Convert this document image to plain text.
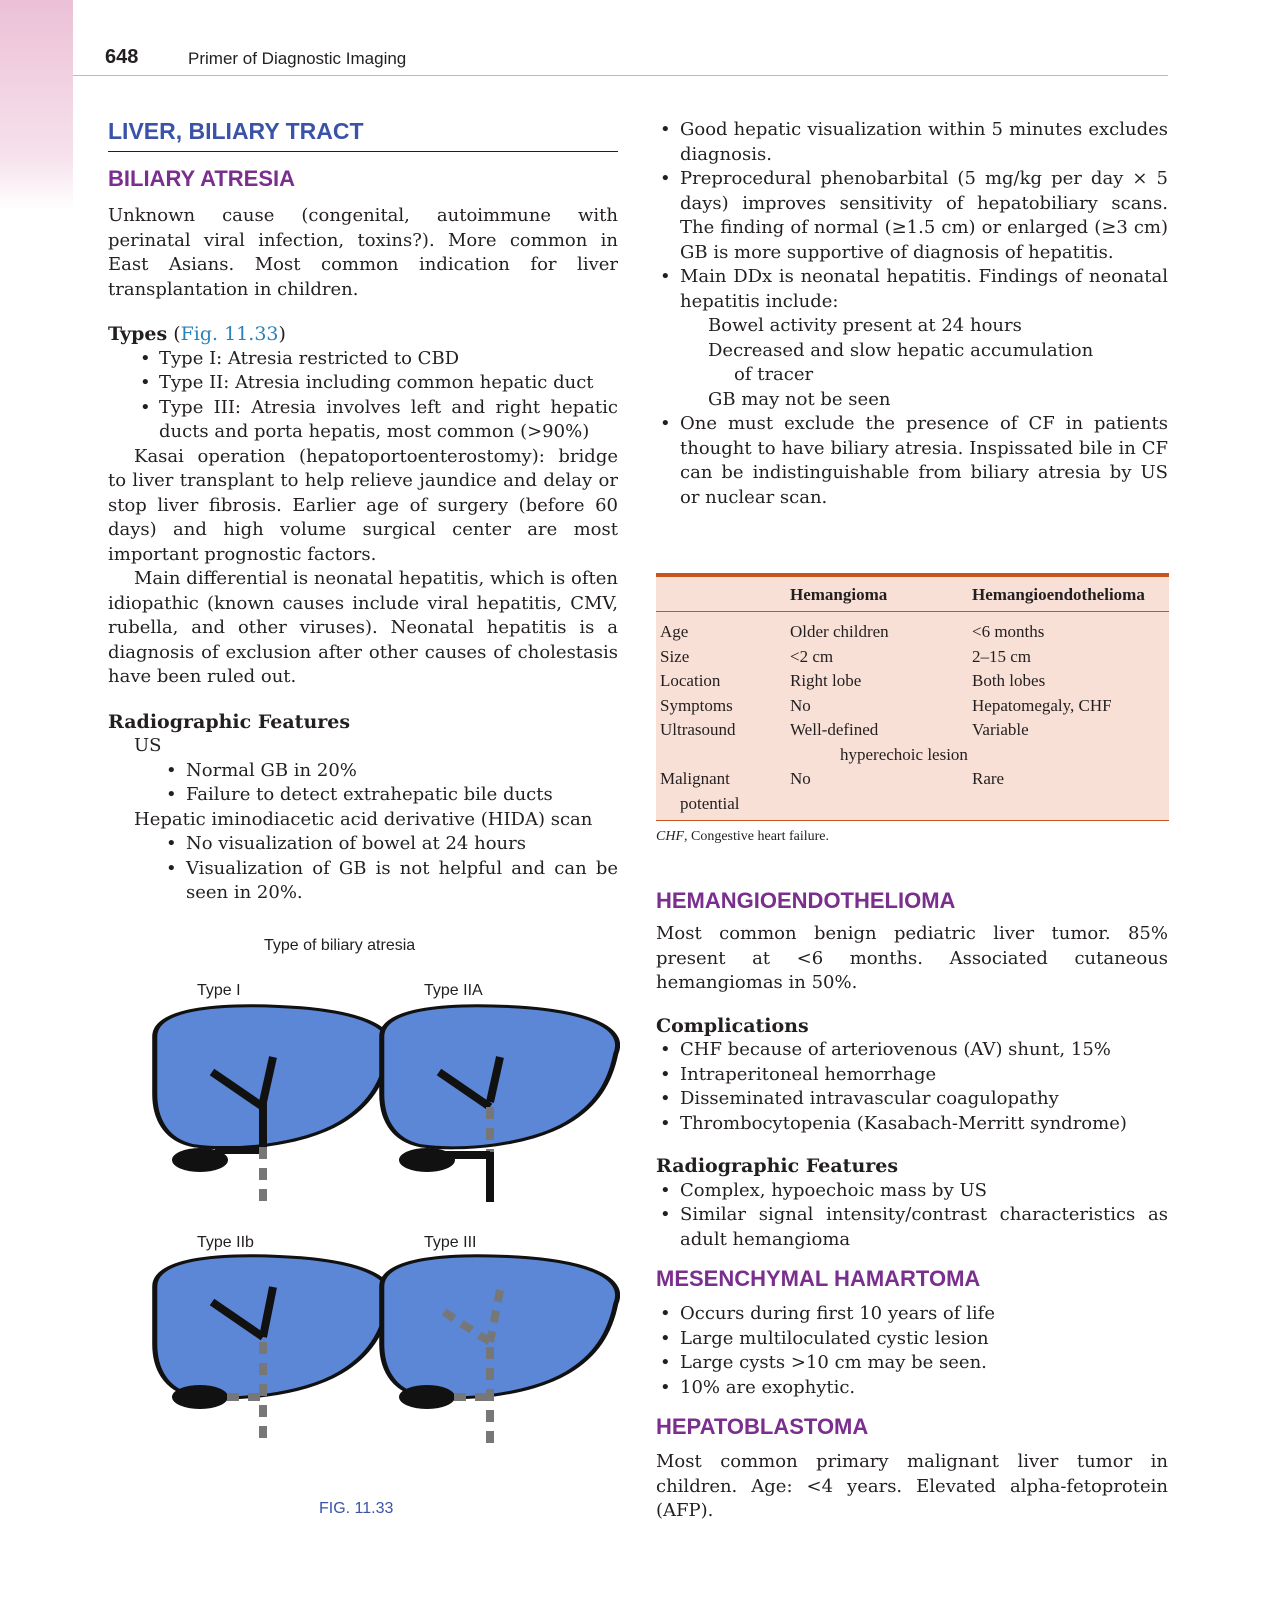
648	Primer of Diagnostic Imaging
LIVER, BILIARY TRACT
BILIARY ATRESIA

Unknown cause (congenital, autoimmune with perinatal viral infection, toxins?). More common in East Asians. Most common indication for liver transplantation in children.

Types (Fig. 11.33)

• Type I: Atresia restricted to CBD
• Type II: Atresia including common hepatic duct
• Type III: Atresia involves left and right hepatic ducts and porta hepatis, most common (>90%)

Kasai operation (hepatoportoenterostomy): bridge to liver transplant to help relieve jaundice and delay or stop liver fibrosis. Earlier age of surgery (before 60 days) and high volume surgical center are most important prognostic factors.

Main differential is neonatal hepatitis, which is often idiopathic (known causes include viral hepatitis, CMV, rubella, and other viruses). Neonatal hepatitis is a diagnosis of exclusion after other causes of cholestasis have been ruled out.

Radiographic Features

US
• Normal GB in 20%
• Failure to detect extrahepatic bile ducts
Hepatic iminodiacetic acid derivative (HIDA) scan
• No visualization of bowel at 24 hours
• Visualization of GB is not helpful and can be seen in 20%.
Type of biliary atresia
Type I	Type IIA
Type IIb	Type III
FIG. 11.33
• Good hepatic visualization within 5 minutes excludes diagnosis.
• Preprocedural phenobarbital (5 mg/kg per day × 5 days) improves sensitivity of hepatobiliary scans. The finding of normal (≥1.5 cm) or enlarged (≥3 cm) GB is more supportive of diagnosis of hepatitis.
• Main DDx is neonatal hepatitis. Findings of neonatal hepatitis include:
Bowel activity present at 24 hours
Decreased and slow hepatic accumulation
of tracer
GB may not be seen
• One must exclude the presence of CF in patients thought to have biliary atresia. Inspissated bile in CF can be indistinguishable from biliary atresia by US or nuclear scan.
	Hemangioma	Hemangioendothelioma

Age	Older children	<6 months
Size	<2 cm	2–15 cm
Location	Right lobe	Both lobes
Symptoms	No	Hepatomegaly, CHF
Ultrasound	Well-defined	Variable
	hyperechoic lesion	
Malignant	No	Rare
potential		

CHF, Congestive heart failure.
HEMANGIOENDOTHELIOMA

Most common benign pediatric liver tumor. 85% present at <6 months. Associated cutaneous hemangiomas in 50%.

Complications

• CHF because of arteriovenous (AV) shunt, 15%
• Intraperitoneal hemorrhage
• Disseminated intravascular coagulopathy
• Thrombocytopenia (Kasabach-Merritt syndrome)

Radiographic Features

• Complex, hypoechoic mass by US
• Similar signal intensity/contrast characteristics as adult hemangioma
MESENCHYMAL HAMARTOMA
• Occurs during first 10 years of life
• Large multiloculated cystic lesion
• Large cysts >10 cm may be seen.
• 10% are exophytic.
HEPATOBLASTOMA

Most common primary malignant liver tumor in children. Age: <4 years. Elevated alpha-fetoprotein (AFP).
